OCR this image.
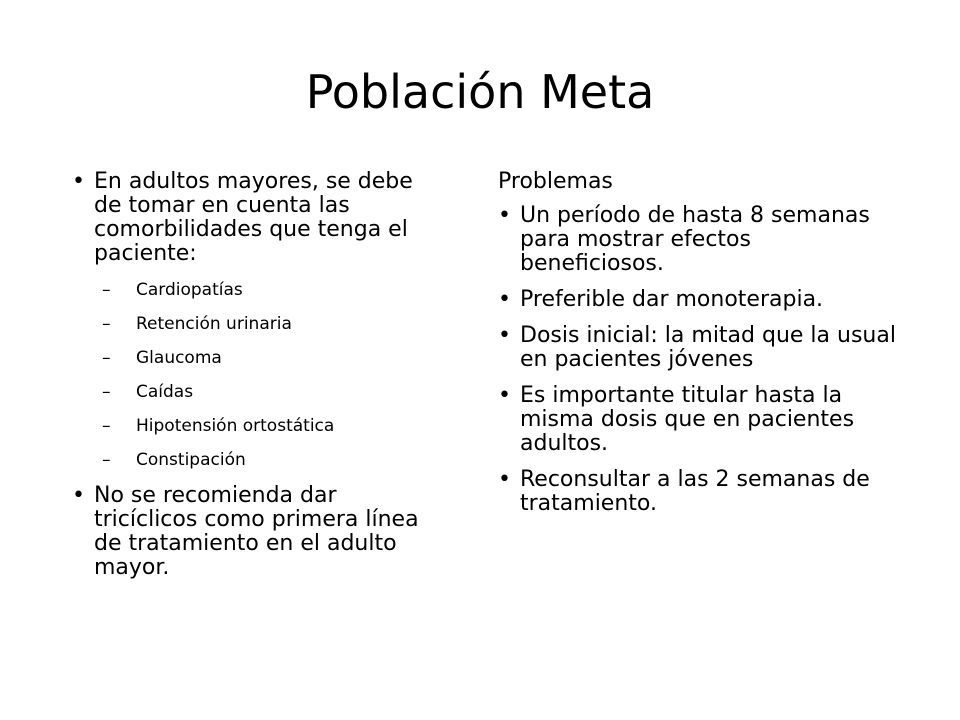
Población Meta
• En adultos mayores, se debe de tomar en cuenta las comorbilidades que tenga el paciente:
– Cardiopatías
– Retención urinaria
– Glaucoma
– Caídas
– Hipotensión ortostática
– Constipación
• No se recomienda dar tricíclicos como primera línea de tratamiento en el adulto mayor.
Problemas
• Un período de hasta 8 semanas para mostrar efectos beneficiosos.
• Preferible dar monoterapia.
• Dosis inicial: la mitad que la usual en pacientes jóvenes
• Es importante titular hasta la misma dosis que en pacientes adultos.
• Reconsultar a las 2 semanas de tratamiento.
